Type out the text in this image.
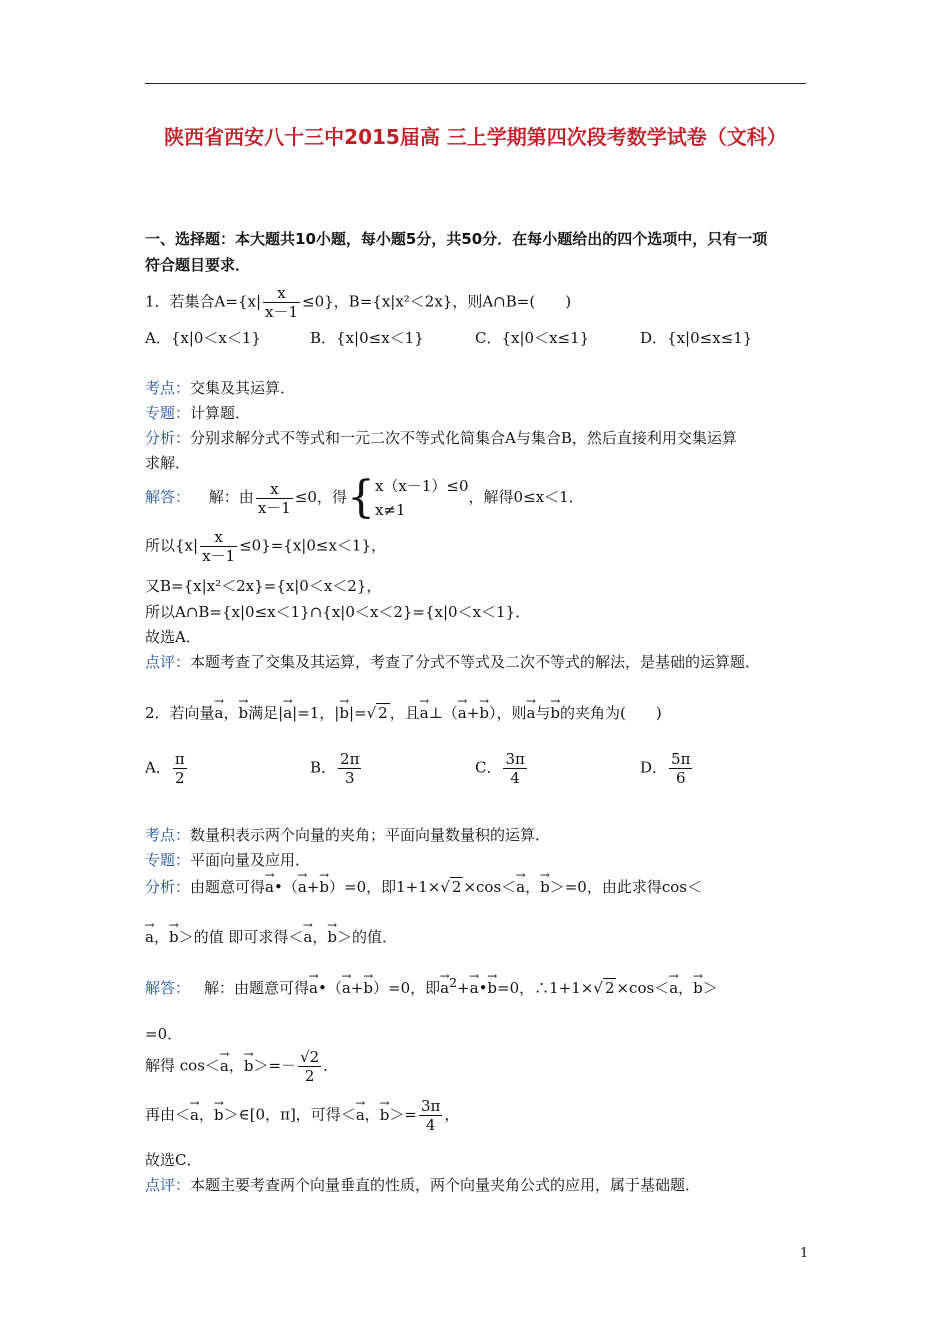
陕西省西安八十三中2015届高 三上学期第四次段考数学试卷（文科）
一、选择题：本大题共10小题，每小题5分，共50分．在每小题给出的四个选项中，只有一项
符合题目要求．
1．若集合$A=\{x| \frac{x}{x-1} \le 0\}$，B={x|x²＜2x}，则A∩B=(　　)
A．{x|0＜x＜1}	B．{x|0≤x＜1}	C．{x|0＜x≤1}	D．{x|0≤x≤1}
考点：交集及其运算．
专题：计算题．
分析：分别求解分式不等式和一元二次不等式化简集合A与集合B，然后直接利用交集运算
求解．
解答： 解：由 $\frac{x}{x-1} \le 0$，得{ x（x－1）≤0
x≠1
，解得0≤x＜1．
所以$\{x| \frac{x}{x-1} \le 0\}=\{x|0\le x<1\}$，
又B={x|x²＜2x}={x|0＜x＜2}，
所以A∩B={x|0≤x＜1}∩{x|0＜x＜2}={x|0＜x＜1}．
故选A．
点评：本题考查了交集及其运算，考查了分式不等式及二次不等式的解法，是基础的运算题．
2．若向量→ a，→ b满足|→ a|=1，|→ b|=√ 2 ，且→ a⊥（→ a+→ b），则→ a与→ b的夹角为(　　)
A． $\frac{\pi}{2}$	B． $\frac{2\pi}{3}$	C． $\frac{3\pi}{4}$	D． $\frac{5\pi}{6}$
考点：数量积表示两个向量的夹角；平面向量数量积的运算．
专题：平面向量及应用．
分析：由题意可得→ a•（→ a+→ b）=0，即1+1×√ 2 ×cos＜→ a，→ b＞=0，由此求得cos＜
→ a，→ b＞的值 即可求得＜→ a，→ b＞的值．
解答： 解：由题意可得→ a•（→ a+→ b）=0，即→ $a^2+\to$ a•→ b=0，∴1+1×√ 2 ×cos＜→ a，→ b＞
=0．
解得 cos＜→ a，→ $b>=- \frac{√2}{2}$ ．
再由＜→ a，→ b＞∈[0，π]，可得＜→ a，→ $b>= \frac{3\pi}{4}$ ，
故选C．
点评：本题主要考查两个向量垂直的性质，两个向量夹角公式的应用，属于基础题．
1
